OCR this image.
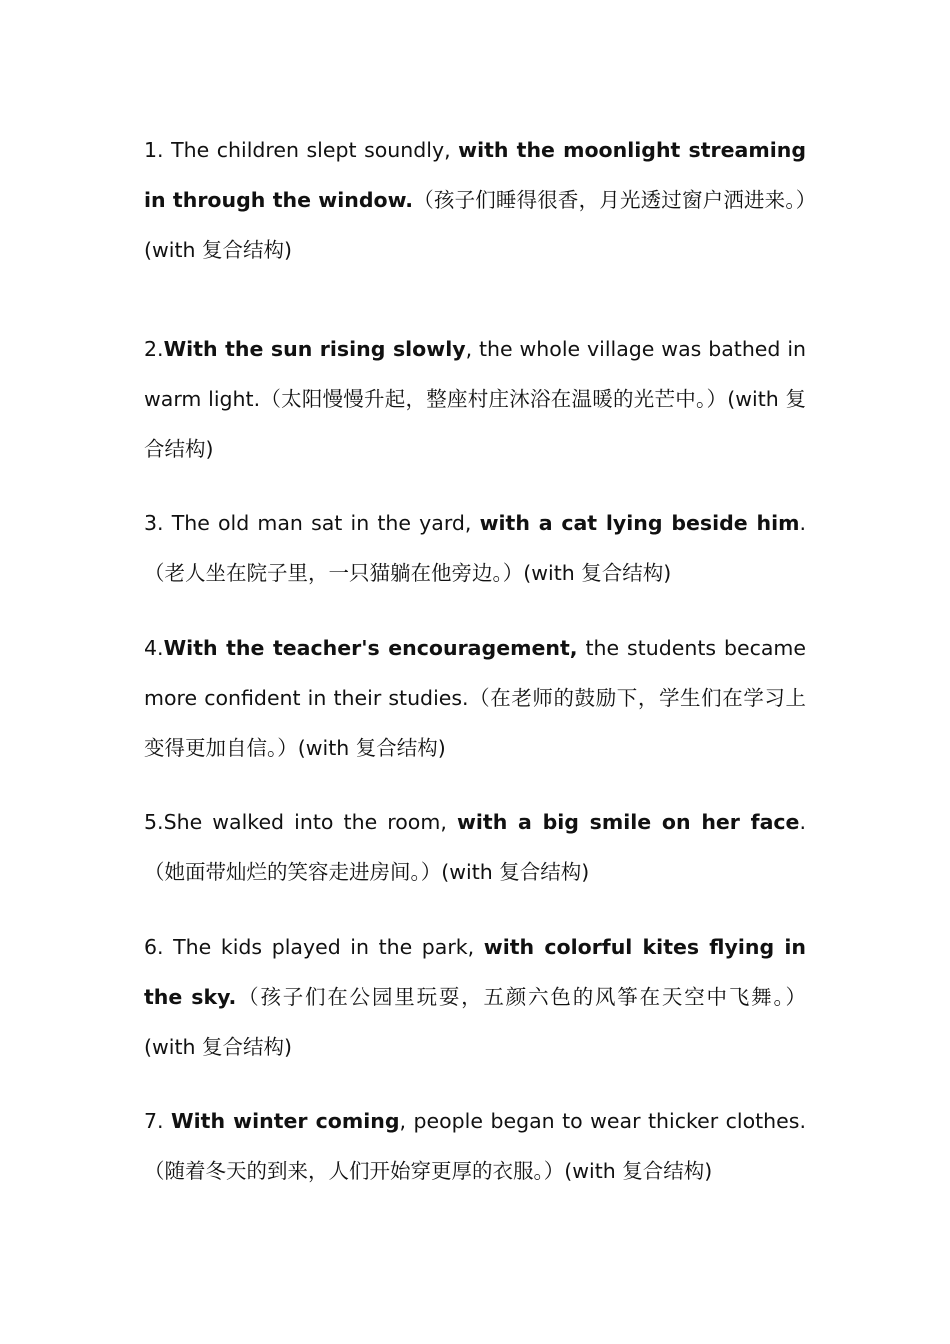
1. The children slept soundly, with the moonlight streaming in through the window.（孩子们睡得很香，月光透过窗户洒进来。）(with 复合结构)

2.With the sun rising slowly, the whole village was bathed in warm light.（太阳慢慢升起，整座村庄沐浴在温暖的光芒中。）(with 复合结构)

3. The old man sat in the yard, with a cat lying beside him.（老人坐在院子里，一只猫躺在他旁边。）(with 复合结构)

4.With the teacher's encouragement, the students became more confident in their studies.（在老师的鼓励下，学生们在学习上变得更加自信。）(with 复合结构)

5.She walked into the room, with a big smile on her face.（她面带灿烂的笑容走进房间。）(with 复合结构)

6. The kids played in the park, with colorful kites flying in the sky.（孩子们在公园里玩耍，五颜六色的风筝在天空中飞舞。）(with 复合结构)

7. With winter coming, people began to wear thicker clothes.（随着冬天的到来，人们开始穿更厚的衣服。）(with 复合结构)
